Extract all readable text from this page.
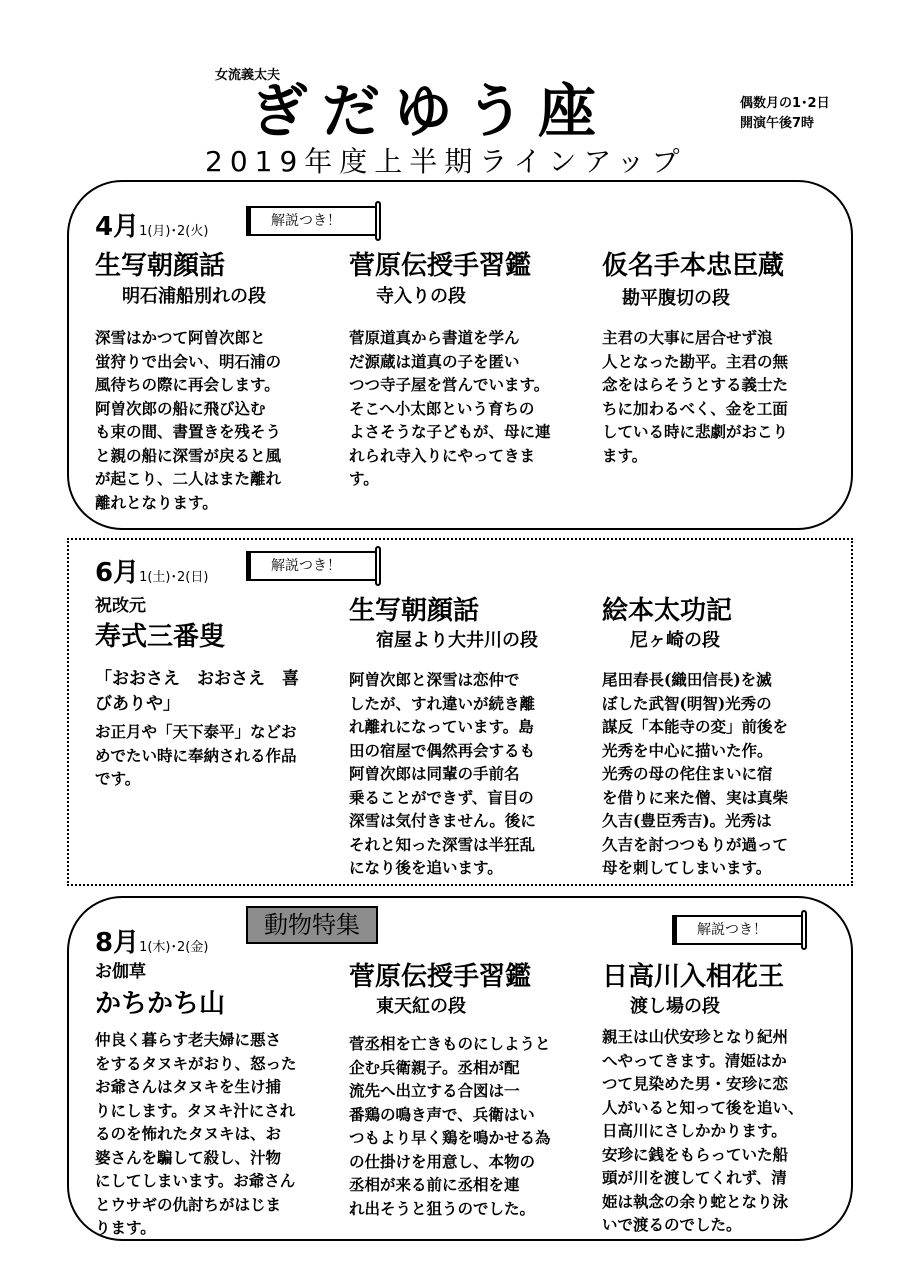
女流義太夫
ぎだゆう座	偶数月の1･2日
開演午後7時
2019年度上半期ラインアップ
4月1(月)･2(火)
解説つき！
生写朝顔話
明石浦船別れの段
深雪はかつて阿曽次郎と
蛍狩りで出会い、明石浦の
風待ちの際に再会します。
阿曽次郎の船に飛び込む
も束の間、書置きを残そう
と親の船に深雪が戻ると風
が起こり、二人はまた離れ
離れとなります。
菅原伝授手習鑑
寺入りの段
菅原道真から書道を学ん
だ源蔵は道真の子を匿い
つつ寺子屋を営んでいます。
そこへ小太郎という育ちの
よさそうな子どもが、母に連
れられ寺入りにやってきま
す。
仮名手本忠臣蔵
勘平腹切の段
主君の大事に居合せず浪
人となった勘平。主君の無
念をはらそうとする義士た
ちに加わるべく、金を工面
している時に悲劇がおこり
ます。
6月1(土)･2(日)
解説つき！
祝改元
寿式三番叟
「おおさえ　おおさえ　喜
びありや」
お正月や「天下泰平」などお
めでたい時に奉納される作品
です。
生写朝顔話
宿屋より大井川の段
阿曽次郎と深雪は恋仲で
したが、すれ違いが続き離
れ離れになっています。島
田の宿屋で偶然再会するも
阿曽次郎は同輩の手前名
乗ることができず、盲目の
深雪は気付きません。後に
それと知った深雪は半狂乱
になり後を追います。
絵本太功記
尼ヶ崎の段
尾田春長(織田信長)を滅
ぼした武智(明智)光秀の
謀反「本能寺の変」前後を
光秀を中心に描いた作。
光秀の母の侘住まいに宿
を借りに来た僧、実は真柴
久吉(豊臣秀吉)。光秀は
久吉を討つつもりが過って
母を刺してしまいます。
8月1(木)･2(金)
動物特集	解説つき！
お伽草
かちかち山
仲良く暮らす老夫婦に悪さ
をするタヌキがおり、怒った
お爺さんはタヌキを生け捕
りにします。タヌキ汁にされ
るのを怖れたタヌキは、お
婆さんを騙して殺し、汁物
にしてしまいます。お爺さん
とウサギの仇討ちがはじま
ります。
菅原伝授手習鑑
東天紅の段
菅丞相を亡きものにしようと
企む兵衛親子。丞相が配
流先へ出立する合図は一
番鶏の鳴き声で、兵衛はい
つもより早く鶏を鳴かせる為
の仕掛けを用意し、本物の
丞相が来る前に丞相を連
れ出そうと狙うのでした。
日高川入相花王
渡し場の段
親王は山伏安珍となり紀州
へやってきます。清姫はか
つて見染めた男・安珍に恋
人がいると知って後を追い、
日高川にさしかかります。
安珍に銭をもらっていた船
頭が川を渡してくれず、清
姫は執念の余り蛇となり泳
いで渡るのでした。
